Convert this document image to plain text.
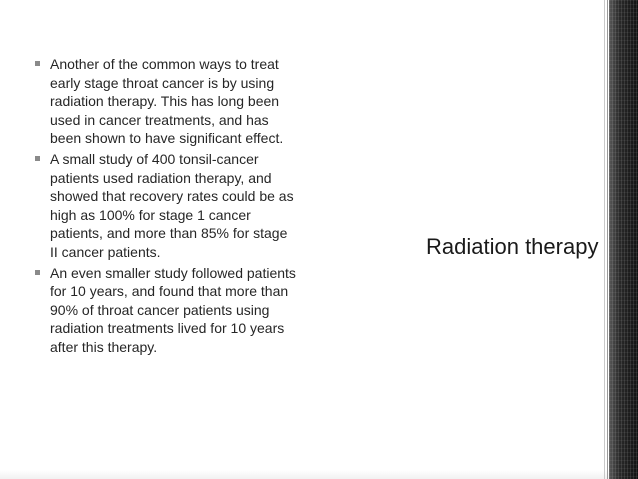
Another of the common ways to treat early stage throat cancer is by using radiation therapy. This has long been used in cancer treatments, and has been shown to have significant effect.
A small study of 400 tonsil-cancer patients used radiation therapy, and showed that recovery rates could be as high as 100% for stage 1 cancer patients, and more than 85% for stage II cancer patients.
An even smaller study followed patients for 10 years, and found that more than 90% of throat cancer patients using radiation treatments lived for 10 years after this therapy.
Radiation therapy
